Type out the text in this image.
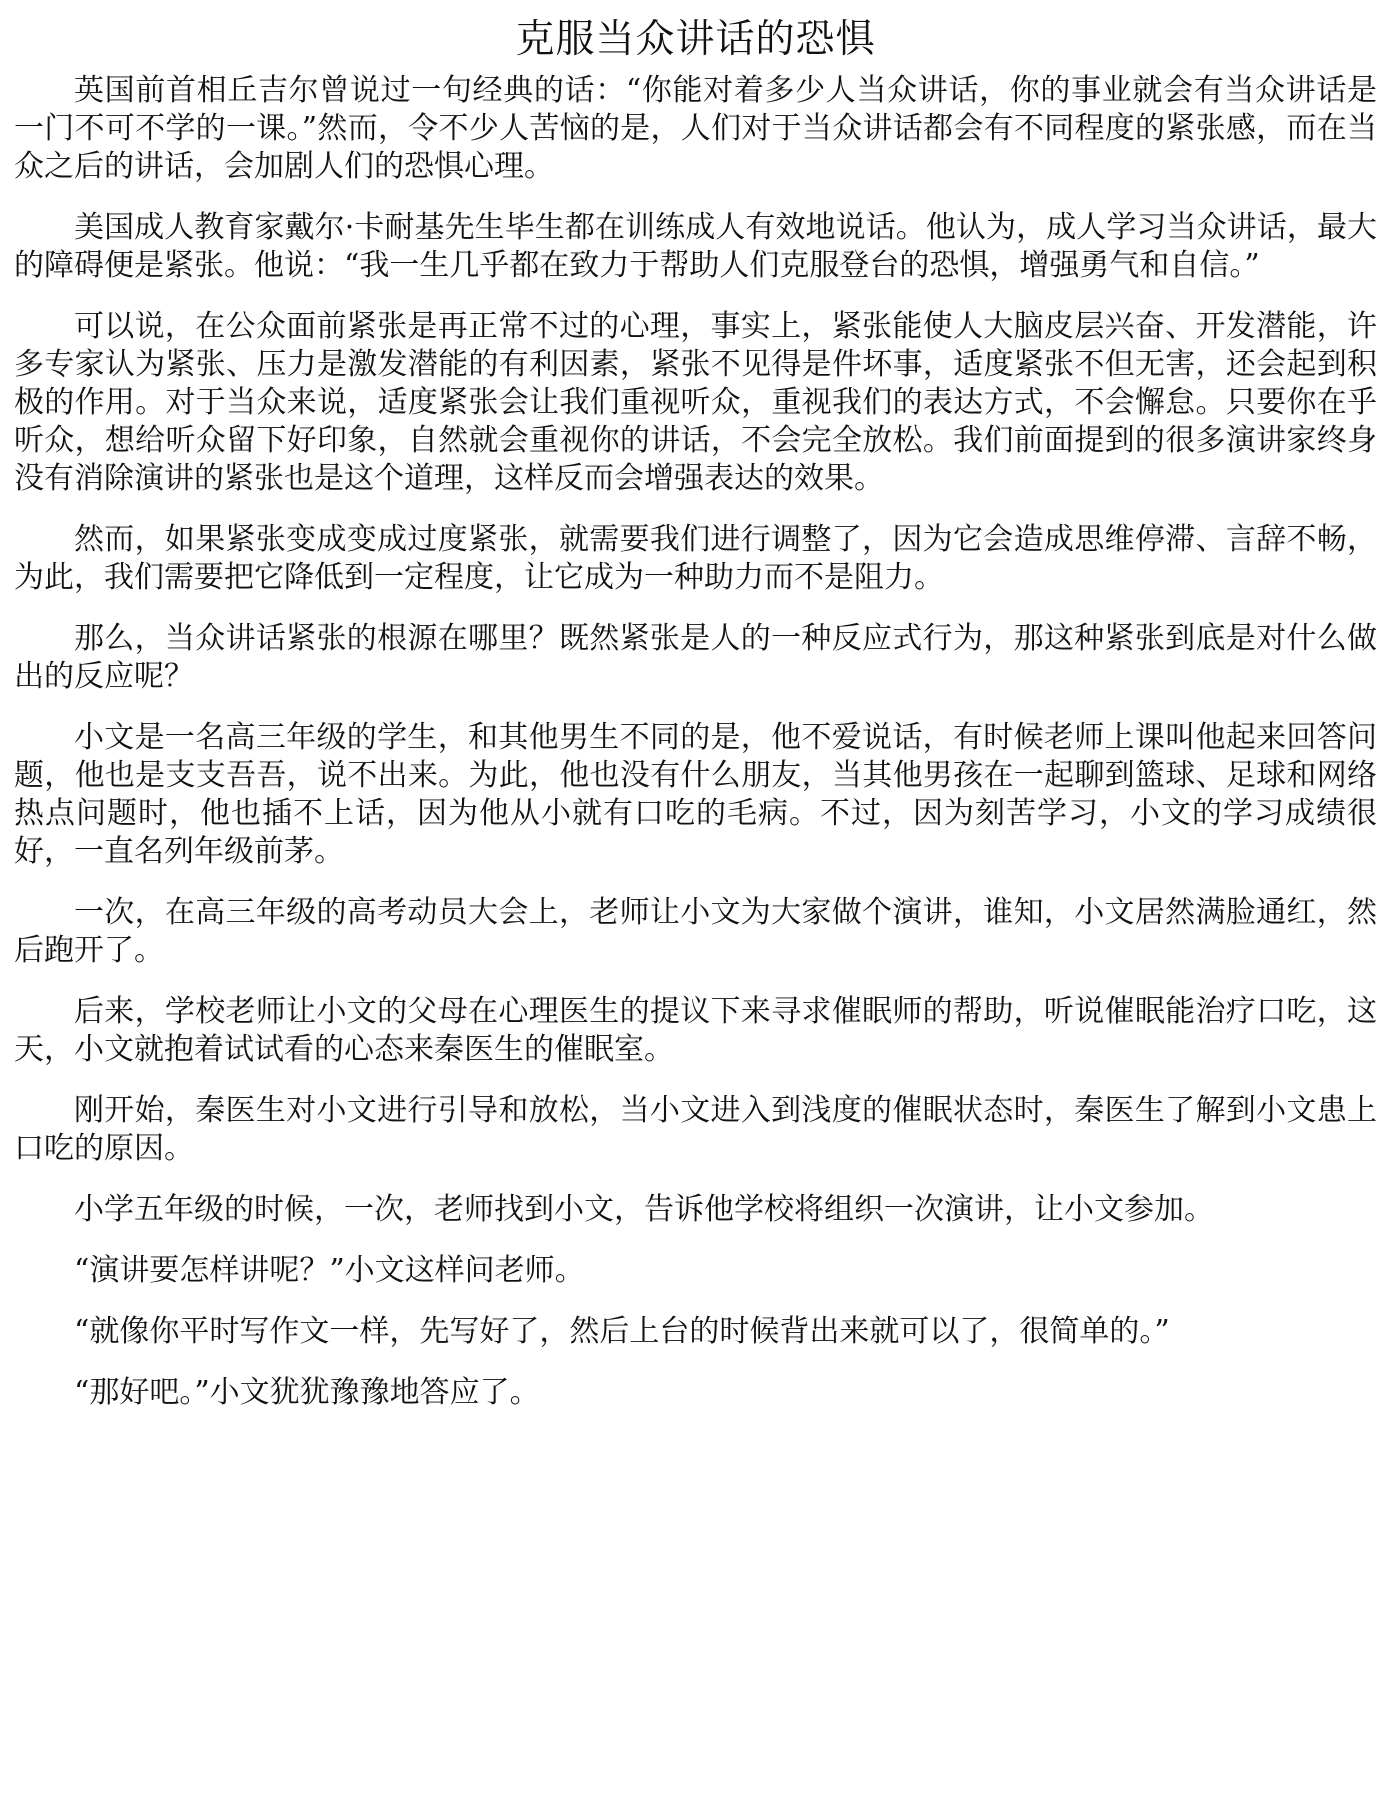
克服当众讲话的恐惧

英国前首相丘吉尔曾说过一句经典的话：“你能对着多少人当众讲话，你的事业就会有当众讲话是一门不可不学的一课。”然而，令不少人苦恼的是，人们对于当众讲话都会有不同程度的紧张感，而在当众之后的讲话，会加剧人们的恐惧心理。

美国成人教育家戴尔·卡耐基先生毕生都在训练成人有效地说话。他认为，成人学习当众讲话，最大的障碍便是紧张。他说：“我一生几乎都在致力于帮助人们克服登台的恐惧，增强勇气和自信。”

可以说，在公众面前紧张是再正常不过的心理，事实上，紧张能使人大脑皮层兴奋、开发潜能，许多专家认为紧张、压力是激发潜能的有利因素，紧张不见得是件坏事，适度紧张不但无害，还会起到积极的作用。对于当众来说，适度紧张会让我们重视听众，重视我们的表达方式，不会懈怠。只要你在乎听众，想给听众留下好印象，自然就会重视你的讲话，不会完全放松。我们前面提到的很多演讲家终身没有消除演讲的紧张也是这个道理，这样反而会增强表达的效果。

然而，如果紧张变成变成过度紧张，就需要我们进行调整了，因为它会造成思维停滞、言辞不畅，为此，我们需要把它降低到一定程度，让它成为一种助力而不是阻力。

那么，当众讲话紧张的根源在哪里？既然紧张是人的一种反应式行为，那这种紧张到底是对什么做出的反应呢？

小文是一名高三年级的学生，和其他男生不同的是，他不爱说话，有时候老师上课叫他起来回答问题，他也是支支吾吾，说不出来。为此，他也没有什么朋友，当其他男孩在一起聊到篮球、足球和网络热点问题时，他也插不上话，因为他从小就有口吃的毛病。不过，因为刻苦学习，小文的学习成绩很好，一直名列年级前茅。

一次，在高三年级的高考动员大会上，老师让小文为大家做个演讲，谁知，小文居然满脸通红，然后跑开了。

后来，学校老师让小文的父母在心理医生的提议下来寻求催眠师的帮助，听说催眠能治疗口吃，这天，小文就抱着试试看的心态来秦医生的催眠室。

刚开始，秦医生对小文进行引导和放松，当小文进入到浅度的催眠状态时，秦医生了解到小文患上口吃的原因。

小学五年级的时候，一次，老师找到小文，告诉他学校将组织一次演讲，让小文参加。

“演讲要怎样讲呢？”小文这样问老师。

“就像你平时写作文一样，先写好了，然后上台的时候背出来就可以了，很简单的。”

“那好吧。”小文犹犹豫豫地答应了。
